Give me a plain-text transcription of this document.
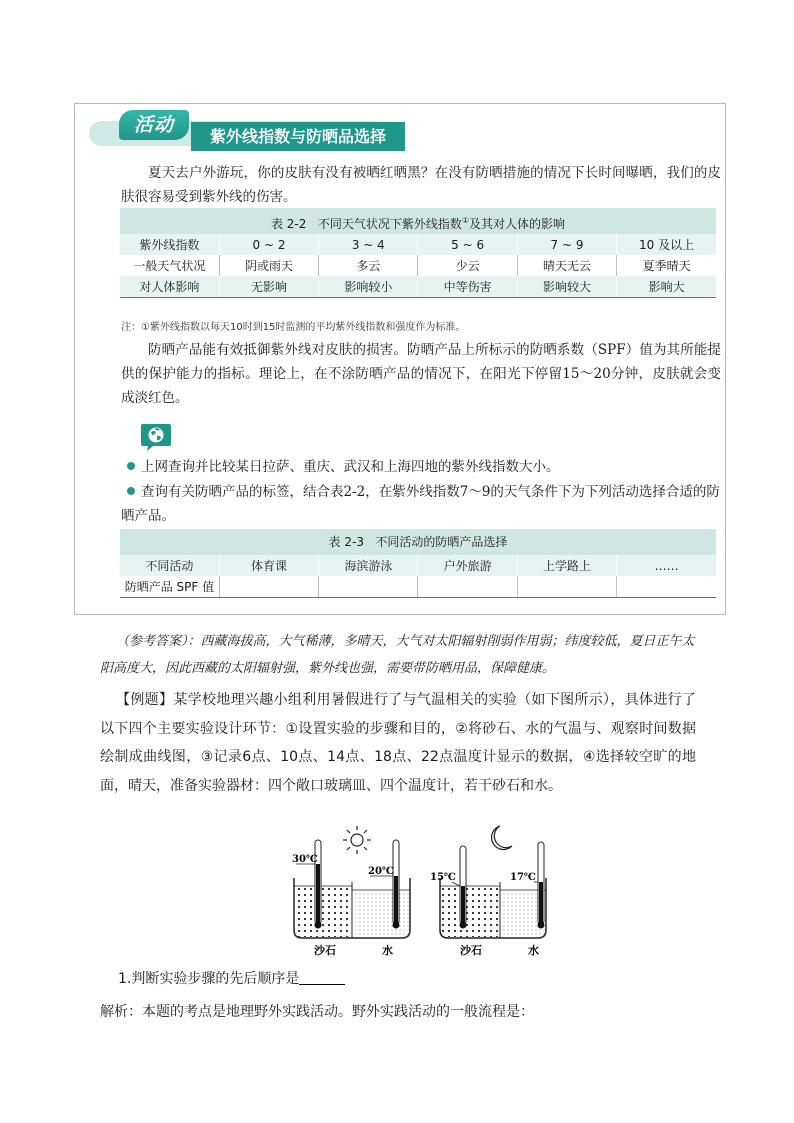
活动
紫外线指数与防晒品选择
夏天去户外游玩，你的皮肤有没有被晒红晒黑？在没有防晒措施的情况下长时间曝晒，我们的皮肤很容易受到紫外线的伤害。
表 2-2 不同天气状况下紫外线指数①及其对人体的影响
紫外线指数	0 ~ 2	3 ~ 4	5 ~ 6	7 ~ 9	10 及以上
一般天气状况	阴或雨天	多云	少云	晴天无云	夏季晴天
对人体影响	无影响	影响较小	中等伤害	影响较大	影响大
注：①紫外线指数以每天10时到15时监测的平均紫外线指数和强度作为标准。
防晒产品能有效抵御紫外线对皮肤的损害。防晒产品上所标示的防晒系数（SPF）值为其所能提供的保护能力的指标。理论上，在不涂防晒产品的情况下，在阳光下停留15～20分钟，皮肤就会变成淡红色。
上网查询并比较某日拉萨、重庆、武汉和上海四地的紫外线指数大小。
查询有关防晒产品的标签，结合表2-2，在紫外线指数7～9的天气条件下为下列活动选择合适的防晒产品。
表 2-3 不同活动的防晒产品选择
不同活动	体育课	海滨游泳	户外旅游	上学路上	……
防晒产品 SPF 值					
（参考答案）：西藏海拔高，大气稀薄，多晴天，大气对太阳辐射削弱作用弱；纬度较低，夏日正午太阳高度大，因此西藏的太阳辐射强，紫外线也强，需要带防晒用品，保障健康。
【例题】某学校地理兴趣小组利用暑假进行了与气温相关的实验（如下图所示），具体进行了以下四个主要实验设计环节：①设置实验的步骤和目的，②将砂石、水的气温与、观察时间数据绘制成曲线图，③记录6点、10点、14点、18点、22点温度计显示的数据，④选择较空旷的地面，晴天，准备实验器材：四个敞口玻璃皿、四个温度计，若干砂石和水。
30℃
20℃
沙石	水
15℃	17℃
沙石	水
1.判断实验步骤的先后顺序是
解析：本题的考点是地理野外实践活动。野外实践活动的一般流程是：
